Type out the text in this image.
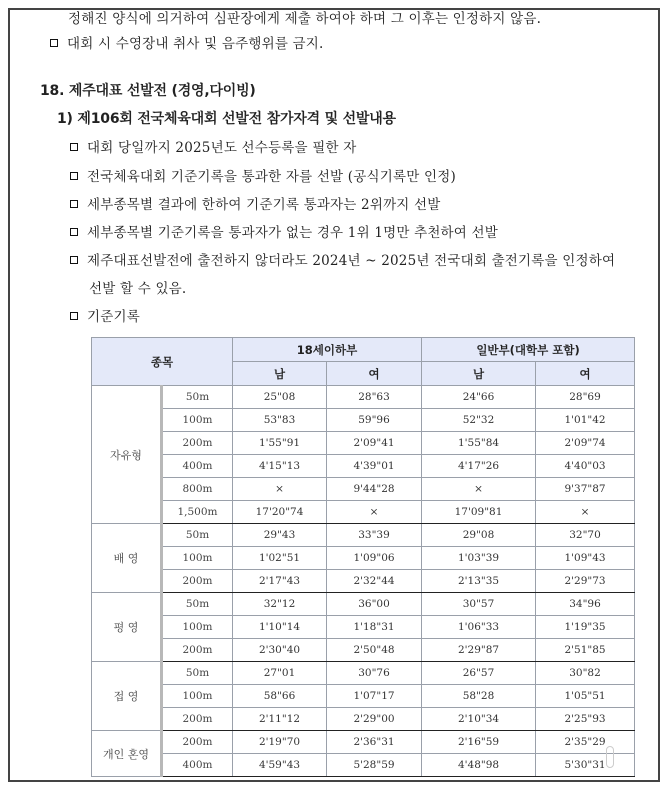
정해진 양식에 의거하여 심판장에게 제출 하여야 하며 그 이후는 인정하지 않음.
대회 시 수영장내 취사 및 음주행위를 금지.
18. 제주대표 선발전 (경영,다이빙)
1) 제106회 전국체육대회 선발전 참가자격 및 선발내용
대회 당일까지 2025년도 선수등록을 필한 자
전국체육대회 기준기록을 통과한 자를 선발 (공식기록만 인정)
세부종목별 결과에 한하여 기준기록 통과자는 2위까지 선발
세부종목별 기준기록을 통과자가 없는 경우 1위 1명만 추천하여 선발
제주대표선발전에 출전하지 않더라도 2024년 ~ 2025년 전국대회 출전기록을 인정하여
선발 할 수 있음.
기준기록
종목		18세이하부		일반부(대학부 포함)	
		남	여	남	여
자유형	50m	25"08	28"63	24"66	28"69
	100m	53"83	59"96	52"32	1'01"42
	200m	1'55"91	2'09"41	1'55"84	2'09"74
	400m	4'15"13	4'39"01	4'17"26	4'40"03
	800m	×	9'44"28	×	9'37"87
	1,500m	17'20"74	×	17'09"81	×
배 영	50m	29"43	33"39	29"08	32"70
	100m	1'02"51	1'09"06	1'03"39	1'09"43
	200m	2'17"43	2'32"44	2'13"35	2'29"73
평 영	50m	32"12	36"00	30"57	34"96
	100m	1'10"14	1'18"31	1'06"33	1'19"35
	200m	2'30"40	2'50"48	2'29"87	2'51"85
접 영	50m	27"01	30"76	26"57	30"82
	100m	58"66	1'07"17	58"28	1'05"51
	200m	2'11"12	2'29"00	2'10"34	2'25"93
개인 혼영	200m	2'19"70	2'36"31	2'16"59	2'35"29
	400m	4'59"43	5'28"59	4'48"98	5'30"31
